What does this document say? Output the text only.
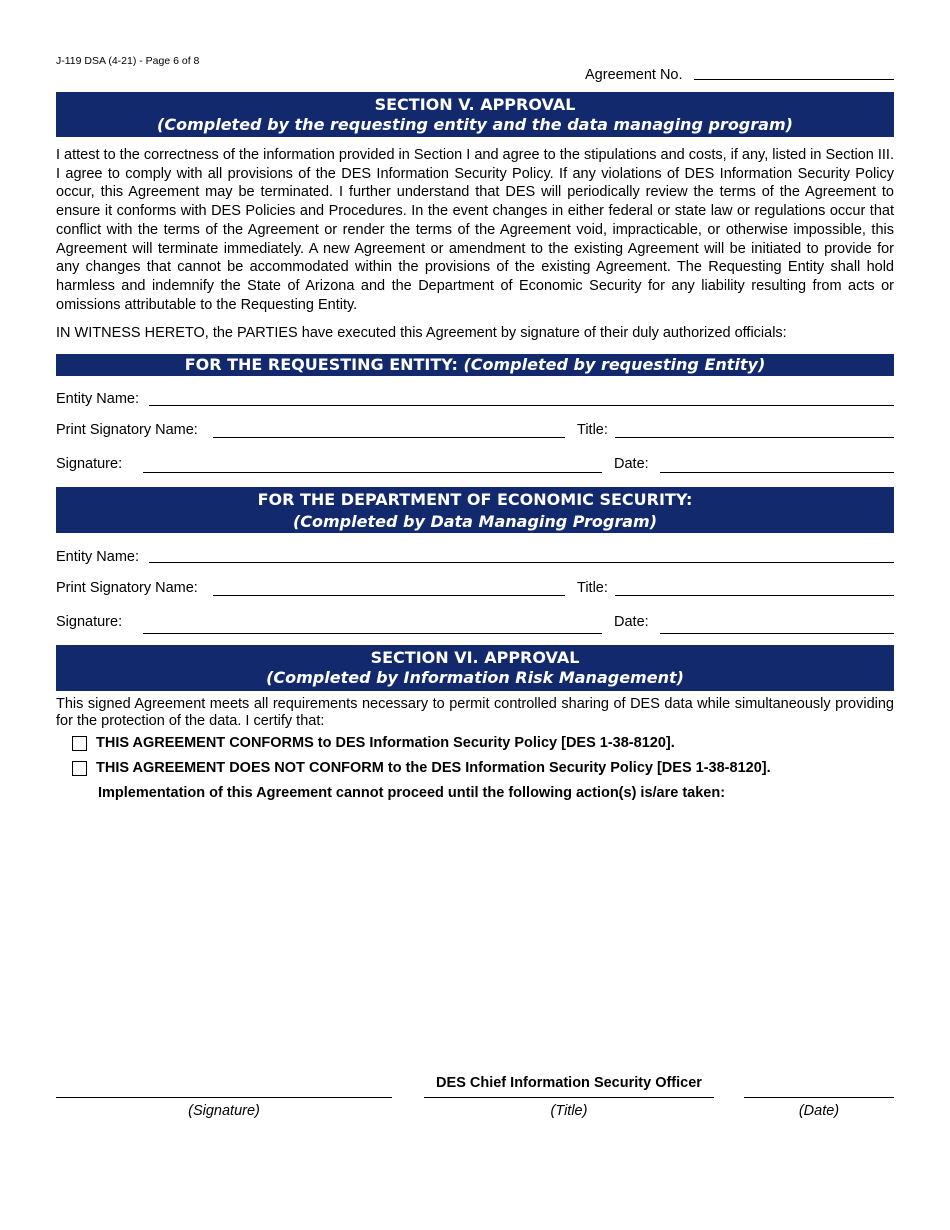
J-119 DSA (4-21) - Page 6 of 8
Agreement No.
SECTION V. APPROVAL
(Completed by the requesting entity and the data managing program)

I attest to the correctness of the information provided in Section I and agree to the stipulations and costs, if any, listed in Section III. I agree to comply with all provisions of the DES Information Security Policy. If any violations of DES Information Security Policy occur, this Agreement may be terminated. I further understand that DES will periodically review the terms of the Agreement to ensure it conforms with DES Policies and Procedures. In the event changes in either federal or state law or regulations occur that conflict with the terms of the Agreement or render the terms of the Agreement void, impracticable, or otherwise impossible, this Agreement will terminate immediately. A new Agreement or amendment to the existing Agreement will be initiated to provide for any changes that cannot be accommodated within the provisions of the existing Agreement. The Requesting Entity shall hold harmless and indemnify the State of Arizona and the Department of Economic Security for any liability resulting from acts or omissions attributable to the Requesting Entity.

IN WITNESS HERETO, the PARTIES have executed this Agreement by signature of their duly authorized officials:

FOR THE REQUESTING ENTITY: (Completed by requesting Entity)
Entity Name:
Print Signatory Name:	Title:
Signature:	Date:
FOR THE DEPARTMENT OF ECONOMIC SECURITY:
(Completed by Data Managing Program)
Entity Name:
Print Signatory Name:	Title:
Signature:	Date:
SECTION VI. APPROVAL
(Completed by Information Risk Management)

This signed Agreement meets all requirements necessary to permit controlled sharing of DES data while simultaneously providing for the protection of the data. I certify that:

THIS AGREEMENT CONFORMS to DES Information Security Policy [DES 1-38-8120].
THIS AGREEMENT DOES NOT CONFORM to the DES Information Security Policy [DES 1-38-8120].
Implementation of this Agreement cannot proceed until the following action(s) is/are taken:
DES Chief Information Security Officer
(Signature)	(Title)	(Date)
